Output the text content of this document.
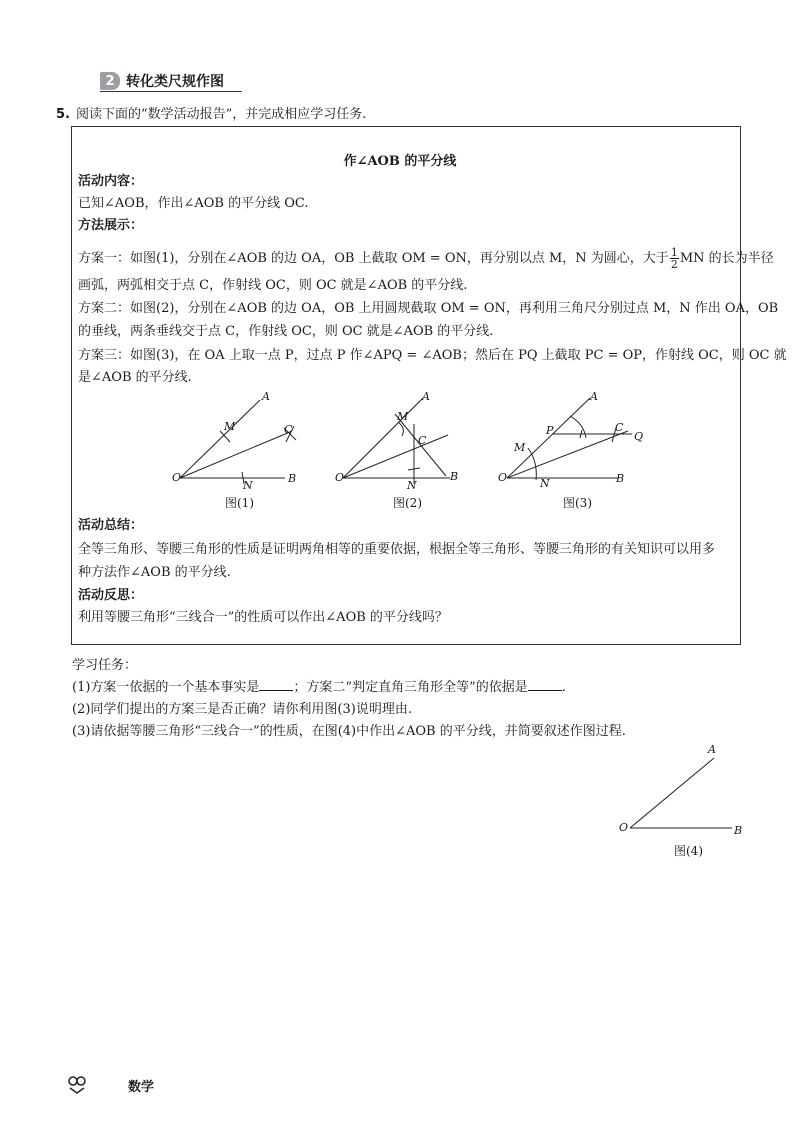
2 转化类尺规作图
5. 阅读下面的“数学活动报告”，并完成相应学习任务.
作∠AOB 的平分线
活动内容：
已知∠AOB，作出∠AOB 的平分线 OC.
方法展示：
方案一：如图(1)，分别在∠AOB 的边 OA，OB 上截取 OM = ON，再分别以点 M，N 为圆心，大于 $\frac{1}{2}$ MN 的长为半径
画弧，两弧相交于点 C，作射线 OC，则 OC 就是∠AOB 的平分线.
方案二：如图(2)，分别在∠AOB 的边 OA，OB 上用圆规截取 OM = ON，再利用三角尺分别过点 M，N 作出 OA，OB
的垂线，两条垂线交于点 C，作射线 OC，则 OC 就是∠AOB 的平分线.
方案三：如图(3)，在 OA 上取一点 P，过点 P 作∠APQ = ∠AOB；然后在 PQ 上截取 PC = OP，作射线 OC，则 OC 就
是∠AOB 的平分线.
O
A
B
M
N
C
图(1)
O
A
B
M
N
C
图(2)
O
A
B
M
N
P	C
Q
图(3)
活动总结：
全等三角形、等腰三角形的性质是证明两角相等的重要依据，根据全等三角形、等腰三角形的有关知识可以用多
种方法作∠AOB 的平分线.
活动反思：
利用等腰三角形“三线合一”的性质可以作出∠AOB 的平分线吗？
学习任务：
(1)方案一依据的一个基本事实是	；方案二“判定直角三角形全等”的依据是	.
(2)同学们提出的方案三是否正确？请你利用图(3)说明理由.
(3)请依据等腰三角形“三线合一”的性质，在图(4)中作出∠AOB 的平分线，并简要叙述作图过程.
O
A
B
图(4)
数学
